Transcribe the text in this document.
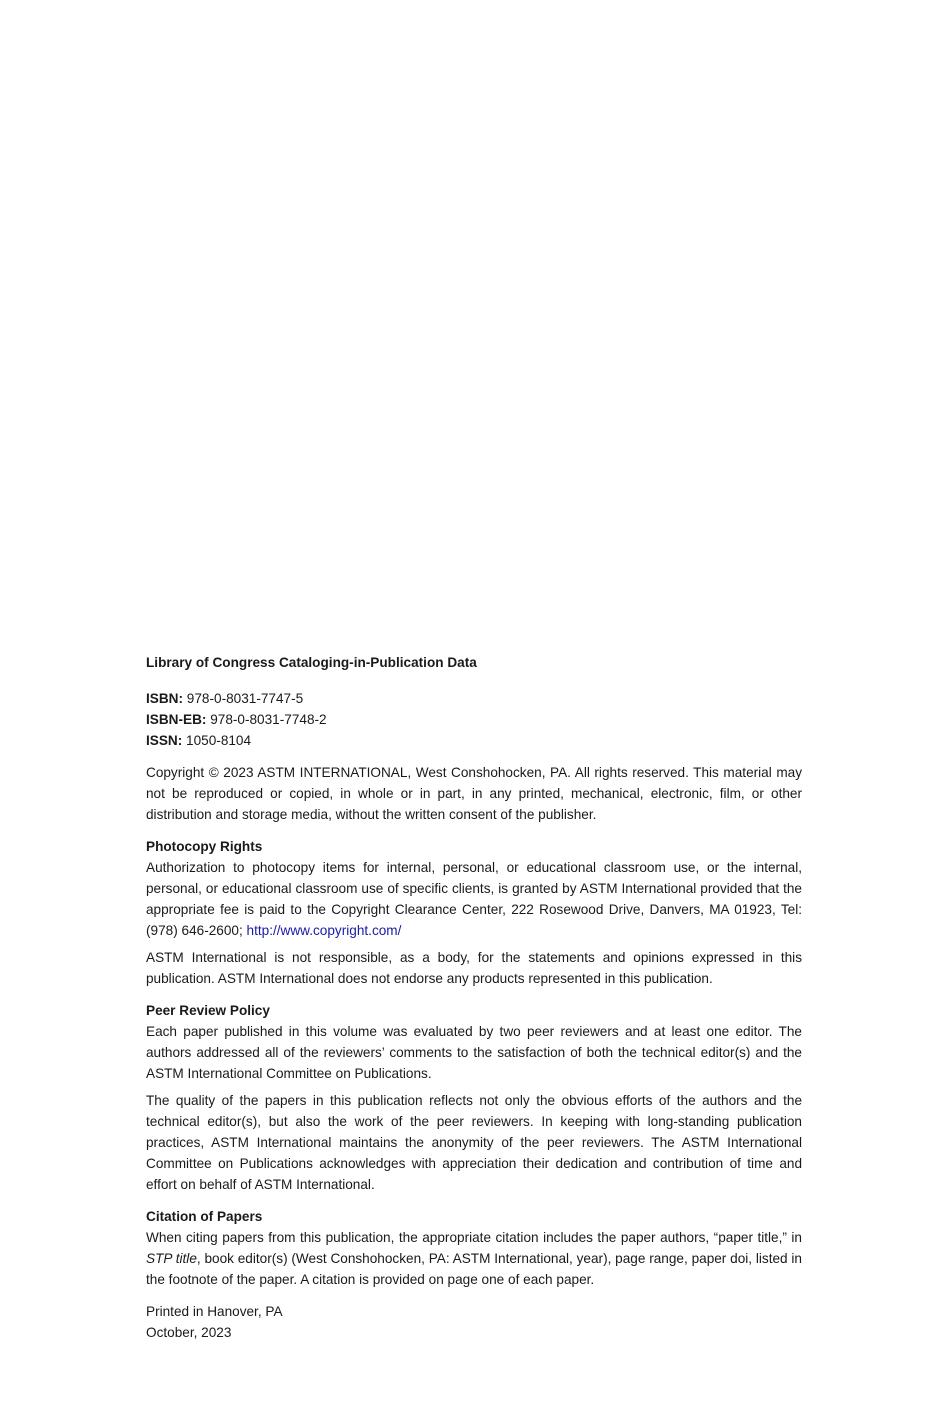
Library of Congress Cataloging-in-Publication Data
ISBN: 978-0-8031-7747-5
ISBN-EB: 978-0-8031-7748-2
ISSN: 1050-8104

Copyright © 2023 ASTM INTERNATIONAL, West Conshohocken, PA. All rights reserved. This material may not be reproduced or copied, in whole or in part, in any printed, mechanical, electronic, film, or other distribution and storage media, without the written consent of the publisher.

Photocopy Rights

Authorization to photocopy items for internal, personal, or educational classroom use, or the internal, personal, or educational classroom use of specific clients, is granted by ASTM International provided that the appropriate fee is paid to the Copyright Clearance Center, 222 Rosewood Drive, Danvers, MA 01923, Tel: (978) 646-2600; http://www.copyright.com/

ASTM International is not responsible, as a body, for the statements and opinions expressed in this publication. ASTM International does not endorse any products represented in this publication.

Peer Review Policy

Each paper published in this volume was evaluated by two peer reviewers and at least one editor. The authors addressed all of the reviewers’ comments to the satisfaction of both the technical editor(s) and the ASTM International Committee on Publications.

The quality of the papers in this publication reflects not only the obvious efforts of the authors and the technical editor(s), but also the work of the peer reviewers. In keeping with long-standing publication practices, ASTM International maintains the anonymity of the peer reviewers. The ASTM International Committee on Publications acknowledges with appreciation their dedication and contribution of time and effort on behalf of ASTM International.

Citation of Papers

When citing papers from this publication, the appropriate citation includes the paper authors, “paper title,” in STP title, book editor(s) (West Conshohocken, PA: ASTM International, year), page range, paper doi, listed in the footnote of the paper. A citation is provided on page one of each paper.

Printed in Hanover, PA
October, 2023
